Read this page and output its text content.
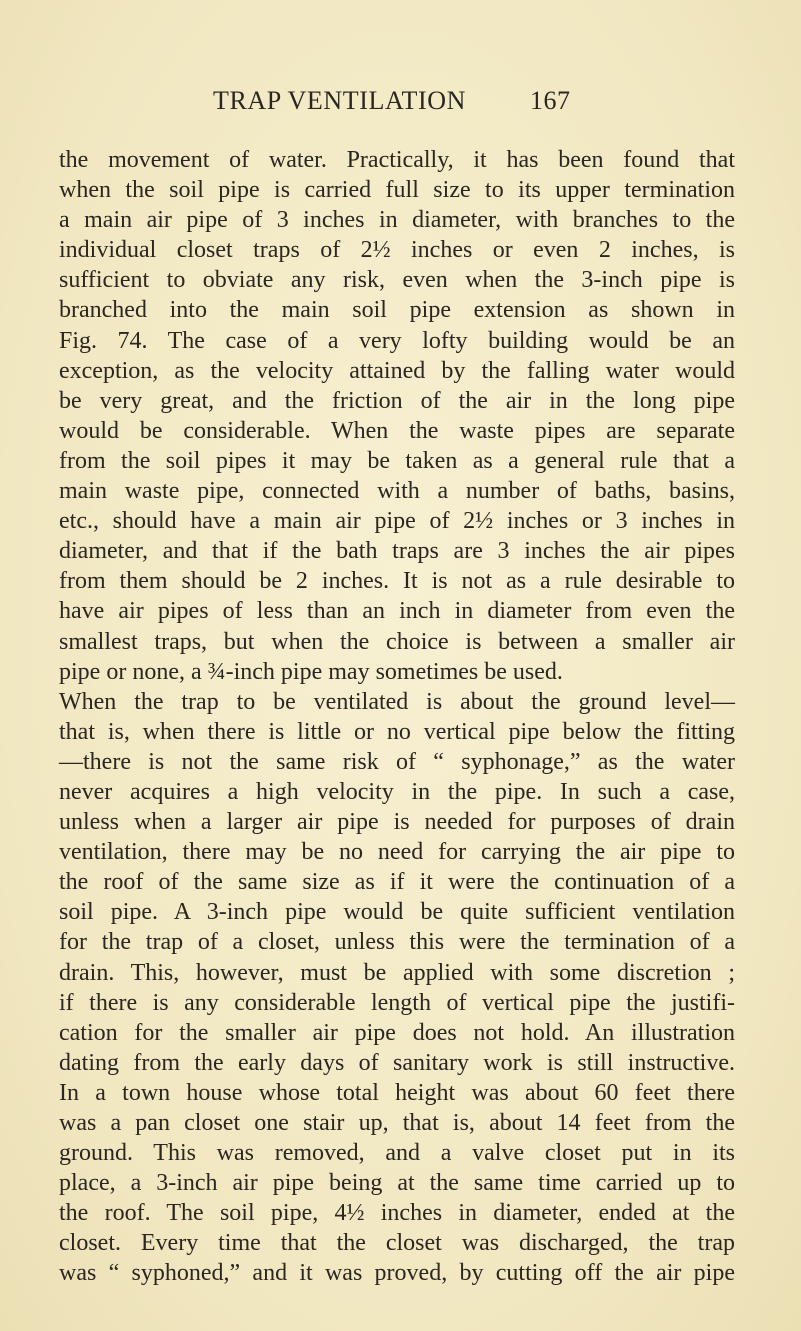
TRAP VENTILATION 167
the movement of water. Practically, it has been found that
when the soil pipe is carried full size to its upper termination
a main air pipe of 3 inches in diameter, with branches to the
individual closet traps of 2½ inches or even 2 inches, is
sufficient to obviate any risk, even when the 3-inch pipe is
branched into the main soil pipe extension as shown in
Fig. 74. The case of a very lofty building would be an
exception, as the velocity attained by the falling water would
be very great, and the friction of the air in the long pipe
would be considerable. When the waste pipes are separate
from the soil pipes it may be taken as a general rule that a
main waste pipe, connected with a number of baths, basins,
etc., should have a main air pipe of 2½ inches or 3 inches in
diameter, and that if the bath traps are 3 inches the air pipes
from them should be 2 inches. It is not as a rule desirable to
have air pipes of less than an inch in diameter from even the
smallest traps, but when the choice is between a smaller air
pipe or none, a ¾-inch pipe may sometimes be used.
When the trap to be ventilated is about the ground level—
that is, when there is little or no vertical pipe below the fitting
—there is not the same risk of “ syphonage,” as the water
never acquires a high velocity in the pipe. In such a case,
unless when a larger air pipe is needed for purposes of drain
ventilation, there may be no need for carrying the air pipe to
the roof of the same size as if it were the continuation of a
soil pipe. A 3-inch pipe would be quite sufficient ventilation
for the trap of a closet, unless this were the termination of a
drain. This, however, must be applied with some discretion ;
if there is any considerable length of vertical pipe the justifi-
cation for the smaller air pipe does not hold. An illustration
dating from the early days of sanitary work is still instructive.
In a town house whose total height was about 60 feet there
was a pan closet one stair up, that is, about 14 feet from the
ground. This was removed, and a valve closet put in its
place, a 3-inch air pipe being at the same time carried up to
the roof. The soil pipe, 4½ inches in diameter, ended at the
closet. Every time that the closet was discharged, the trap
was “ syphoned,” and it was proved, by cutting off the air pipe
